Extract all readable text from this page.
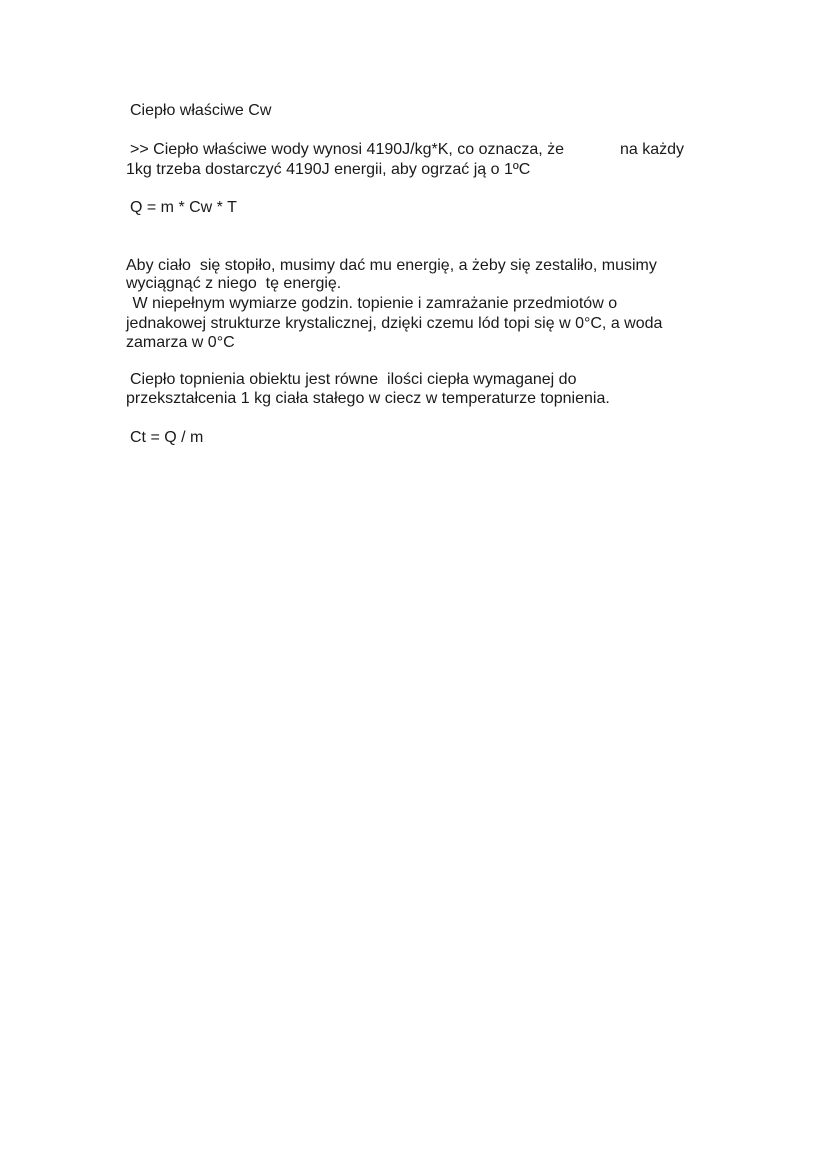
Ciepło właściwe Cw

>> Ciepło właściwe wody wynosi 4190J/kg*K, co oznacza, że	na każdy

1kg trzeba dostarczyć 4190J energii, aby ogrzać ją o 1ºC

Q = m * Cw * T

Aby ciało  się stopiło, musimy dać mu energię, a żeby się zestaliło, musimy

wyciągnąć z niego  tę energię.

W niepełnym wymiarze godzin. topienie i zamrażanie przedmiotów o

jednakowej strukturze krystalicznej, dzięki czemu lód topi się w 0°C, a woda

zamarza w 0°C

Ciepło topnienia obiektu jest równe  ilości ciepła wymaganej do

przekształcenia 1 kg ciała stałego w ciecz w temperaturze topnienia.

Ct = Q / m
